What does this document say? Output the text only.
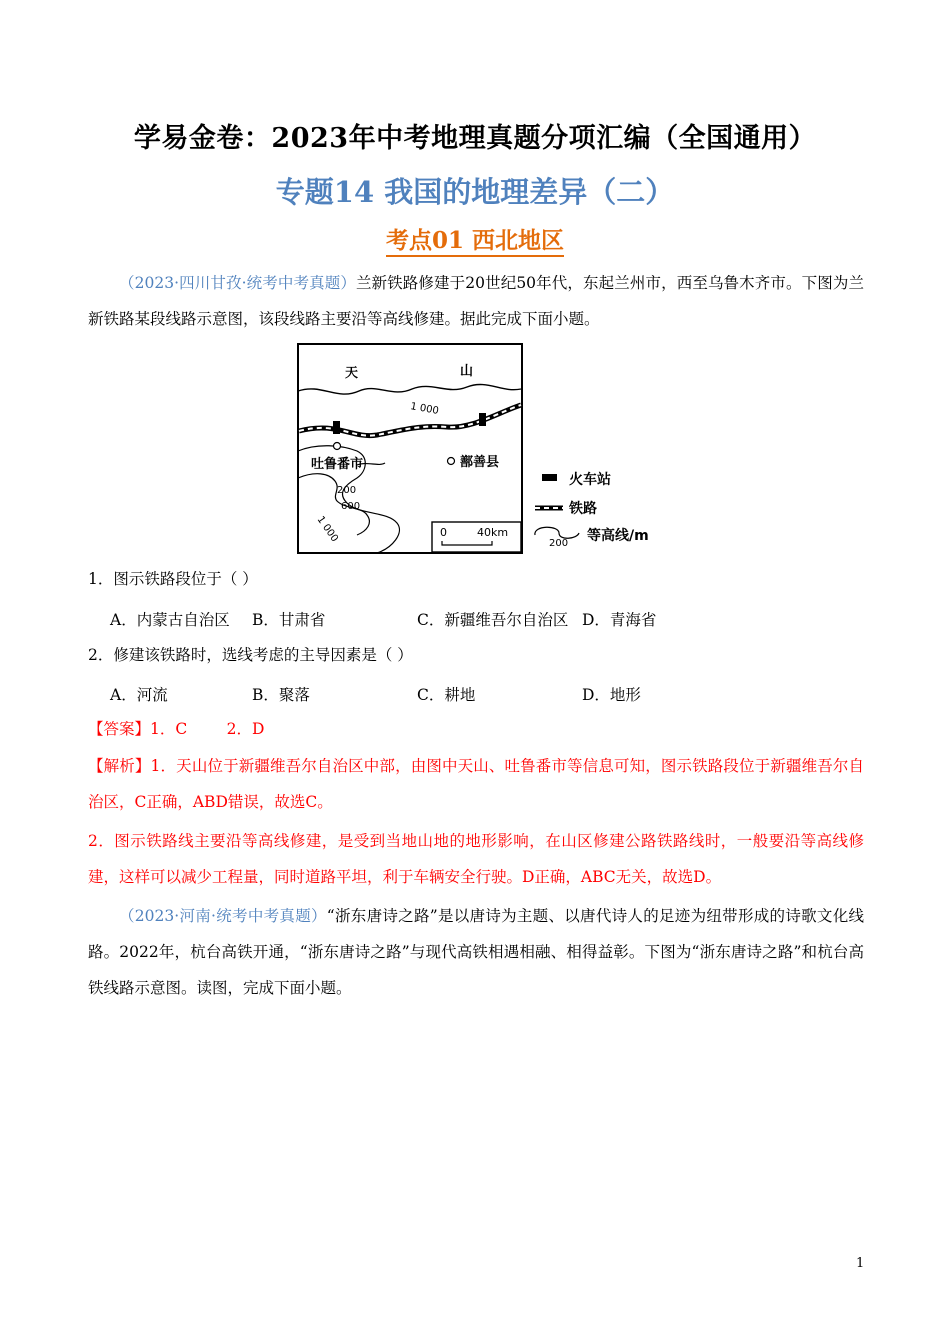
学易金卷：2023年中考地理真题分项汇编（全国通用）
专题14 我国的地理差异（二）
考点01 西北地区
（2023·四川甘孜·统考中考真题）兰新铁路修建于20世纪50年代，东起兰州市，西至乌鲁木齐市。下图为兰新铁路某段线路示意图，该段线路主要沿等高线修建。据此完成下面小题。
天	山
1 000
吐鲁番市	鄯善县
200
600
1 000	0	40km
火车站
铁路
200 等高线/m
1．图示铁路段位于（ ）
A．内蒙古自治区 B．甘肃省	C．新疆维吾尔自治区 D．青海省
2．修建该铁路时，选线考虑的主导因素是（ ）
A．河流	B．聚落	C．耕地	D．地形
【答案】1．C        2．D
【解析】1．天山位于新疆维吾尔自治区中部，由图中天山、吐鲁番市等信息可知，图示铁路段位于新疆维吾尔自治区，C正确，ABD错误，故选C。
2．图示铁路线主要沿等高线修建，是受到当地山地的地形影响，在山区修建公路铁路线时，一般要沿等高线修建，这样可以减少工程量，同时道路平坦，利于车辆安全行驶。D正确，ABC无关，故选D。
（2023·河南·统考中考真题）“浙东唐诗之路”是以唐诗为主题、以唐代诗人的足迹为纽带形成的诗歌文化线路。2022年，杭台高铁开通，“浙东唐诗之路”与现代高铁相遇相融、相得益彰。下图为“浙东唐诗之路”和杭台高铁线路示意图。读图，完成下面小题。
1
